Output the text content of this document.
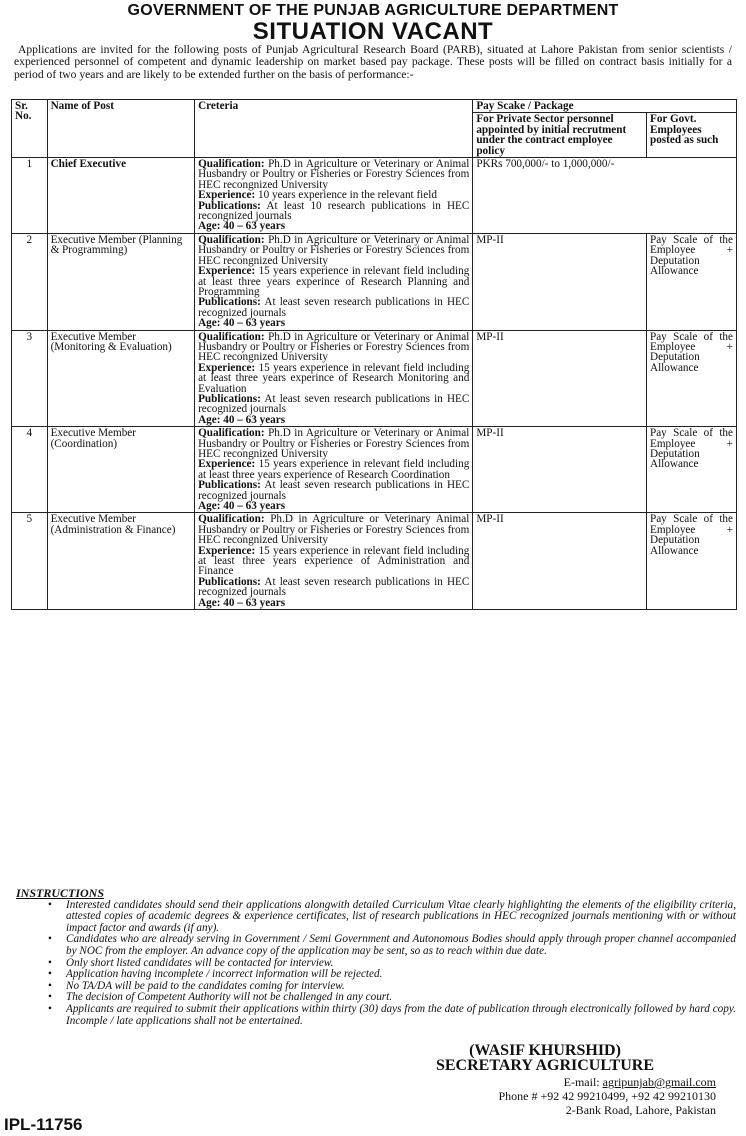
GOVERNMENT OF THE PUNJAB AGRICULTURE DEPARTMENT
SITUATION VACANT
Applications are invited for the following posts of Punjab Agricultural Research Board (PARB), situated at Lahore Pakistan from senior scientists / experienced personnel of competent and dynamic leadership on market based pay package. These posts will be filled on contract basis initially for a period of two years and are likely to be extended further on the basis of performance:-
Sr. No.	Name of Post	Creteria	Pay Scake / Package	
			For Private Sector personnel appointed by initial recrutment under the contract employee policy	For Govt. Employees posted as such
1	Chief Executive	Qualification: Ph.D in Agriculture or Veterinary or Animal Husbandry or Poultry or Fisheries or Forestry Sciences from HEC recongnized University
Experience: 10 years experience in the relevant field
Publications: At least 10 research publications in HEC recongnized journals
Age: 40 – 63 years	PKRs 700,000/- to 1,000,000/-	
2	Executive Member (Planning & Programming)	Qualification: Ph.D in Agriculture or Veterinary or Animal Husbandry or Poultry or Fisheries or Forestry Sciences from HEC recongnized University
Experience: 15 years experience in relevant field including at least three years experince of Research Planning and Programming
Publications: At least seven research publications in HEC recognized journals
Age: 40 – 63 years	MP-II	Pay Scale of the Employee + Deputation Allowance
3	Executive Member (Monitoring & Evaluation)	Qualification: Ph.D in Agriculture or Veterinary or Animal Husbandry or Poultry or Fisheries or Forestry Sciences from HEC recongnized University
Experience: 15 years experience in relevant field including at least three years experince of Research Monitoring and Evaluation
Publications: At least seven research publications in HEC recognized journals
Age: 40 – 63 years	MP-II	Pay Scale of the Employee + Deputation Allowance
4	Executive Member (Coordination)	Qualification: Ph.D in Agriculture or Veterinary or Animal Husbandry or Poultry or Fisheries or Forestry Sciences from HEC recongnized University
Experience: 15 years experience in relevant field including at least three years experience of Research Coordination
Publications: At least seven research publications in HEC recognized journals
Age: 40 – 63 years	MP-II	Pay Scale of the Employee + Deputation Allowance
5	Executive Member (Administration & Finance)	Qualification: Ph.D in Agriculture or Veterinary Animal Husbandry or Poultry or Fisheries or Forestry Sciences from HEC recongnized University
Experience: 15 years experience in relevant field including at least three years experience of Administration and Finance
Publications: At least seven research publications in HEC recognized journals
Age: 40 – 63 years	MP-II	Pay Scale of the Employee + Deputation Allowance
INSTRUCTIONS
• Interested candidates should send their applications alongwith detailed Curriculum Vitae clearly highlighting the elements of the eligibility criteria, attested copies of academic degrees & experience certificates, list of research publications in HEC recognized journals mentioning with or without impact factor and awards (if any).
• Candidates who are already serving in Government / Semi Government and Autonomous Bodies should apply through proper channel accompanied by NOC from the employer. An advance copy of the application may be sent, so as to reach within due date.
• Only short listed candidates will be contacted for interview.
• Application having incomplete / incorrect information will be rejected.
• No TA/DA will be paid to the candidates coming for interview.
• The decision of Competent Authority will not be challenged in any court.
• Applicants are required to submit their applications within thirty (30) days from the date of publication through electronically followed by hard copy. Incomple / late applications shall not be entertained.
(WASIF KHURSHID)
SECRETARY AGRICULTURE
E-mail: agripunjab@gmail.com
Phone # +92 42 99210499, +92 42 99210130
2-Bank Road, Lahore, Pakistan
IPL-11756
